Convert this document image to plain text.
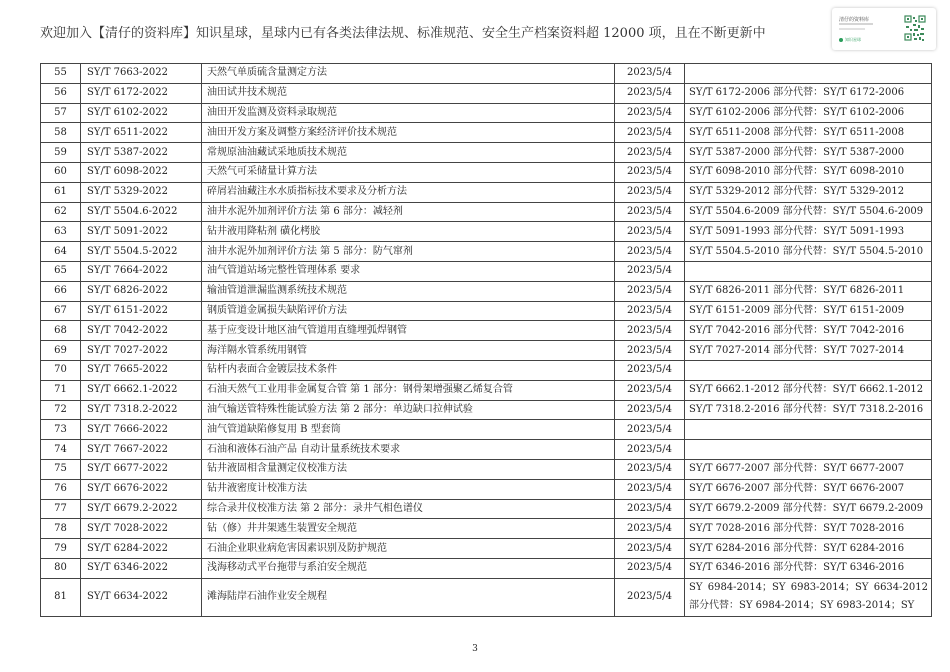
欢迎加入【清仔的资料库】知识星球，星球内已有各类法律法规、标准规范、安全生产档案资料超 12000 项，且在不断更新中
清仔的资料库
知识星球
55	SY/T 7663-2022	天然气单质硫含量测定方法	2023/5/4	
56	SY/T 6172-2022	油田试井技术规范	2023/5/4	SY/T 6172-2006 部分代替：SY/T 6172-2006
57	SY/T 6102-2022	油田开发监测及资料录取规范	2023/5/4	SY/T 6102-2006 部分代替：SY/T 6102-2006
58	SY/T 6511-2022	油田开发方案及调整方案经济评价技术规范	2023/5/4	SY/T 6511-2008 部分代替：SY/T 6511-2008
59	SY/T 5387-2022	常规原油油藏试采地质技术规范	2023/5/4	SY/T 5387-2000 部分代替：SY/T 5387-2000
60	SY/T 6098-2022	天然气可采储量计算方法	2023/5/4	SY/T 6098-2010 部分代替：SY/T 6098-2010
61	SY/T 5329-2022	碎屑岩油藏注水水质指标技术要求及分析方法	2023/5/4	SY/T 5329-2012 部分代替：SY/T 5329-2012
62	SY/T 5504.6-2022	油井水泥外加剂评价方法 第 6 部分：减轻剂	2023/5/4	SY/T 5504.6-2009 部分代替：SY/T 5504.6-2009
63	SY/T 5091-2022	钻井液用降粘剂 磺化栲胶	2023/5/4	SY/T 5091-1993 部分代替：SY/T 5091-1993
64	SY/T 5504.5-2022	油井水泥外加剂评价方法 第 5 部分：防气窜剂	2023/5/4	SY/T 5504.5-2010 部分代替：SY/T 5504.5-2010
65	SY/T 7664-2022	油气管道站场完整性管理体系 要求	2023/5/4	
66	SY/T 6826-2022	输油管道泄漏监测系统技术规范	2023/5/4	SY/T 6826-2011 部分代替：SY/T 6826-2011
67	SY/T 6151-2022	钢质管道金属损失缺陷评价方法	2023/5/4	SY/T 6151-2009 部分代替：SY/T 6151-2009
68	SY/T 7042-2022	基于应变设计地区油气管道用直缝埋弧焊钢管	2023/5/4	SY/T 7042-2016 部分代替：SY/T 7042-2016
69	SY/T 7027-2022	海洋隔水管系统用钢管	2023/5/4	SY/T 7027-2014 部分代替：SY/T 7027-2014
70	SY/T 7665-2022	钻杆内表面合金镀层技术条件	2023/5/4	
71	SY/T 6662.1-2022	石油天然气工业用非金属复合管 第 1 部分：钢骨架增强聚乙烯复合管	2023/5/4	SY/T 6662.1-2012 部分代替：SY/T 6662.1-2012
72	SY/T 7318.2-2022	油气输送管特殊性能试验方法 第 2 部分：单边缺口拉伸试验	2023/5/4	SY/T 7318.2-2016 部分代替：SY/T 7318.2-2016
73	SY/T 7666-2022	油气管道缺陷修复用 B 型套筒	2023/5/4	
74	SY/T 7667-2022	石油和液体石油产品 自动计量系统技术要求	2023/5/4	
75	SY/T 6677-2022	钻井液固相含量测定仪校准方法	2023/5/4	SY/T 6677-2007 部分代替：SY/T 6677-2007
76	SY/T 6676-2022	钻井液密度计校准方法	2023/5/4	SY/T 6676-2007 部分代替：SY/T 6676-2007
77	SY/T 6679.2-2022	综合录井仪校准方法 第 2 部分：录井气相色谱仪	2023/5/4	SY/T 6679.2-2009 部分代替：SY/T 6679.2-2009
78	SY/T 7028-2022	钻（修）井井架逃生装置安全规范	2023/5/4	SY/T 7028-2016 部分代替：SY/T 7028-2016
79	SY/T 6284-2022	石油企业职业病危害因素识别及防护规范	2023/5/4	SY/T 6284-2016 部分代替：SY/T 6284-2016
80	SY/T 6346-2022	浅海移动式平台拖带与系泊安全规范	2023/5/4	SY/T 6346-2016 部分代替：SY/T 6346-2016
81	SY/T 6634-2022	滩海陆岸石油作业安全规程	2023/5/4	SY 6984-2014；SY 6983-2014；SY 6634-2012 部分代替：SY 6984-2014；SY 6983-2014；SY
3
